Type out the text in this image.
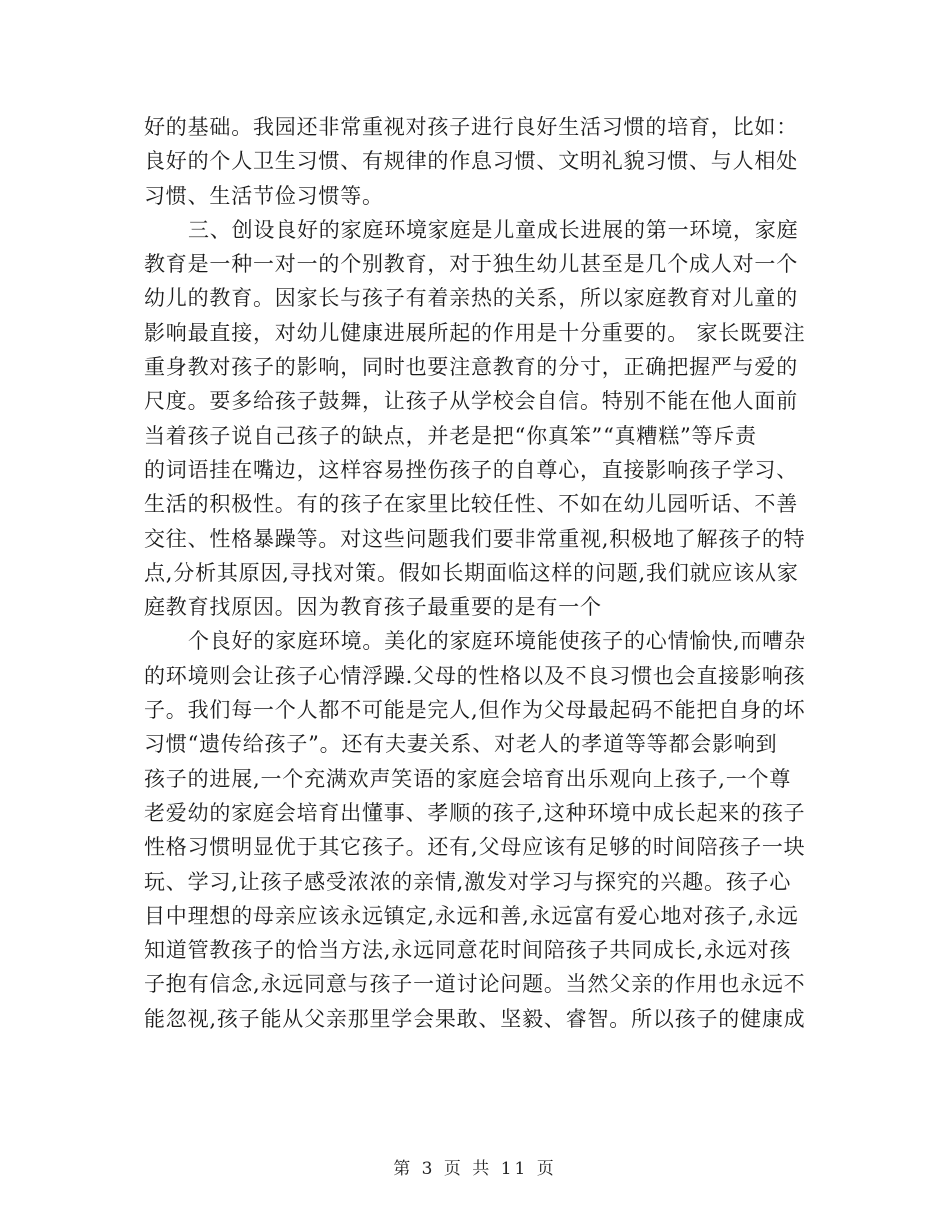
好的基础。我园还非常重视对孩子进行良好生活习惯的培育，比如：
良好的个人卫生习惯、有规律的作息习惯、文明礼貌习惯、与人相处
习惯、生活节俭习惯等。
三、创设良好的家庭环境家庭是儿童成长进展的第一环境，家庭
教育是一种一对一的个别教育，对于独生幼儿甚至是几个成人对一个
幼儿的教育。因家长与孩子有着亲热的关系，所以家庭教育对儿童的
影响最直接，对幼儿健康进展所起的作用是十分重要的。 家长既要注
重身教对孩子的影响，同时也要注意教育的分寸，正确把握严与爱的
尺度。要多给孩子鼓舞，让孩子从学校会自信。特别不能在他人面前
当着孩子说自己孩子的缺点，并老是把“你真笨”“真糟糕”等斥责
的词语挂在嘴边，这样容易挫伤孩子的自尊心，直接影响孩子学习、
生活的积极性。有的孩子在家里比较任性、不如在幼儿园听话、不善
交往、性格暴躁等。对这些问题我们要非常重视,积极地了解孩子的特
点,分析其原因,寻找对策。假如长期面临这样的问题,我们就应该从家
庭教育找原因。因为教育孩子最重要的是有一个
个良好的家庭环境。美化的家庭环境能使孩子的心情愉快,而嘈杂
的环境则会让孩子心情浮躁.父母的性格以及不良习惯也会直接影响孩
子。我们每一个人都不可能是完人,但作为父母最起码不能把自身的坏
习惯“遗传给孩子”。还有夫妻关系、对老人的孝道等等都会影响到
孩子的进展,一个充满欢声笑语的家庭会培育出乐观向上孩子,一个尊
老爱幼的家庭会培育出懂事、孝顺的孩子,这种环境中成长起来的孩子
性格习惯明显优于其它孩子。还有,父母应该有足够的时间陪孩子一块
玩、学习,让孩子感受浓浓的亲情,激发对学习与探究的兴趣。孩子心
目中理想的母亲应该永远镇定,永远和善,永远富有爱心地对孩子,永远
知道管教孩子的恰当方法,永远同意花时间陪孩子共同成长,永远对孩
子抱有信念,永远同意与孩子一道讨论问题。当然父亲的作用也永远不
能忽视,孩子能从父亲那里学会果敢、坚毅、睿智。所以孩子的健康成
第 3 页 共 11 页
